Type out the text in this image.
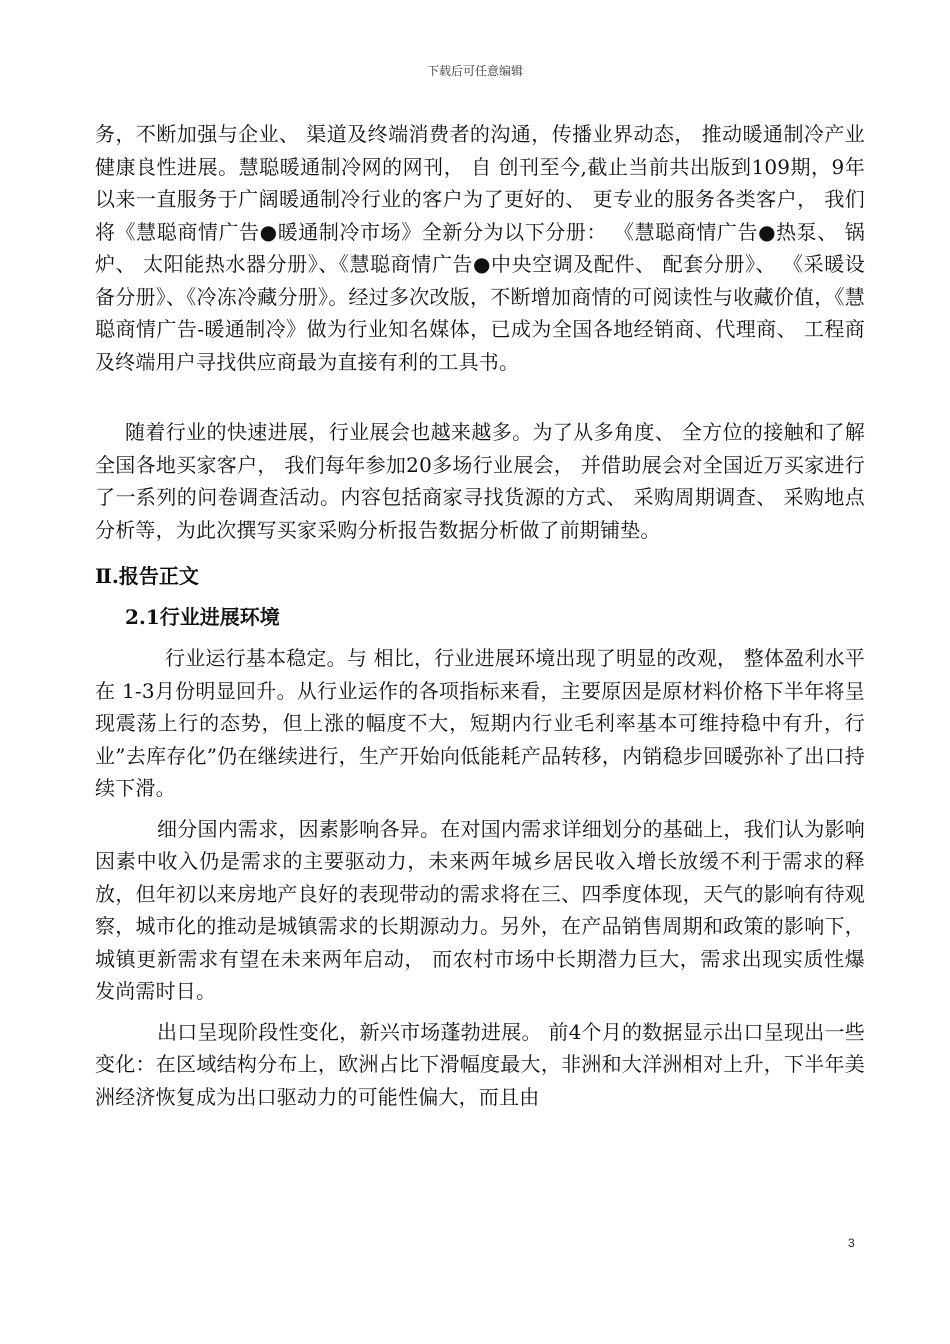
下载后可任意编辑

务，不断加强与企业、 渠道及终端消费者的沟通，传播业界动态， 推动暖通制冷产业健康良性进展。慧聪暖通制冷网的网刊， 自 创刊至今,截止当前共出版到109期，9年以来一直服务于广阔暖通制冷行业的客户为了更好的、 更专业的服务各类客户， 我们将《慧聪商情广告●暖通制冷市场》全新分为以下分册： 《慧聪商情广告●热泵、 锅炉、 太阳能热水器分册》、《慧聪商情广告●中央空调及配件、 配套分册》、 《采暖设备分册》、《冷冻冷藏分册》。经过多次改版，不断增加商情的可阅读性与收藏价值，《慧聪商情广告-暖通制冷》做为行业知名媒体，已成为全国各地经销商、代理商、 工程商及终端用户寻找供应商最为直接有利的工具书。

随着行业的快速进展，行业展会也越来越多。为了从多角度、 全方位的接触和了解全国各地买家客户， 我们每年参加20多场行业展会， 并借助展会对全国近万买家进行了一系列的问卷调查活动。内容包括商家寻找货源的方式、 采购周期调查、 采购地点分析等，为此次撰写买家采购分析报告数据分析做了前期铺垫。

Ⅱ.报告正文
2.1行业进展环境

行业运行基本稳定。与 相比，行业进展环境出现了明显的改观， 整体盈利水平在 1-3月份明显回升。从行业运作的各项指标来看，主要原因是原材料价格下半年将呈现震荡上行的态势，但上涨的幅度不大，短期内行业毛利率基本可维持稳中有升，行业”去库存化”仍在继续进行，生产开始向低能耗产品转移，内销稳步回暖弥补了出口持续下滑。

细分国内需求，因素影响各异。在对国内需求详细划分的基础上，我们认为影响因素中收入仍是需求的主要驱动力，未来两年城乡居民收入增长放缓不利于需求的释放，但年初以来房地产良好的表现带动的需求将在三、四季度体现，天气的影响有待观察，城市化的推动是城镇需求的长期源动力。另外，在产品销售周期和政策的影响下，城镇更新需求有望在未来两年启动， 而农村市场中长期潜力巨大，需求出现实质性爆发尚需时日。

出口呈现阶段性变化，新兴市场蓬勃进展。 前4个月的数据显示出口呈现出一些变化：在区域结构分布上，欧洲占比下滑幅度最大，非洲和大洋洲相对上升，下半年美洲经济恢复成为出口驱动力的可能性偏大，而且由

3
